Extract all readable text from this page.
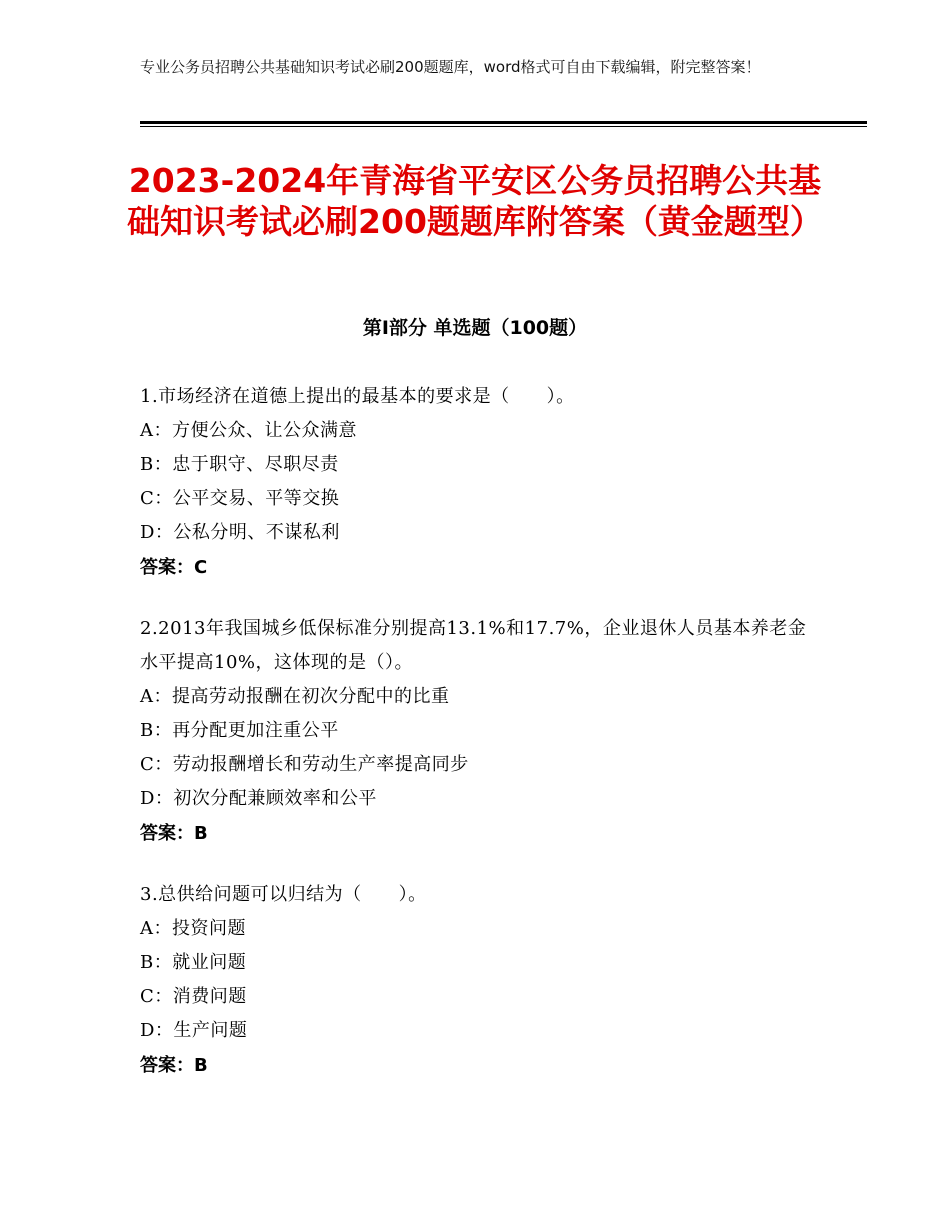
专业公务员招聘公共基础知识考试必刷200题题库，word格式可自由下载编辑，附完整答案！
2023-2024年青海省平安区公务员招聘公共基础知识考试必刷200题题库附答案（黄金题型）
第Ⅰ部分 单选题（100题）
1.市场经济在道德上提出的最基本的要求是（　　）。
A：方便公众、让公众满意
B：忠于职守、尽职尽责
C：公平交易、平等交换
D：公私分明、不谋私利
答案：C
2.2013年我国城乡低保标准分别提高13.1%和17.7%，企业退休人员基本养老金水平提高10%，这体现的是（）。
A：提高劳动报酬在初次分配中的比重
B：再分配更加注重公平
C：劳动报酬增长和劳动生产率提高同步
D：初次分配兼顾效率和公平
答案：B
3.总供给问题可以归结为（　　）。
A：投资问题
B：就业问题
C：消费问题
D：生产问题
答案：B
